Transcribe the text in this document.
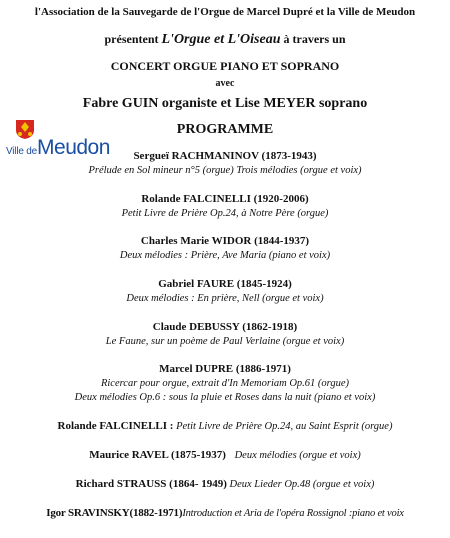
l'Association de la Sauvegarde de l'Orgue de Marcel Dupré et la Ville de Meudon
présentent L'Orgue et L'Oiseau à travers un
CONCERT ORGUE PIANO ET SOPRANO
avec
Fabre GUIN organiste et Lise MEYER soprano
PROGRAMME
Ville deMeudon	Sergueï RACHMANINOV (1873-1943)
Prélude en Sol mineur n°5 (orgue) Trois mélodies (orgue et voix)
Rolande FALCINELLI (1920-2006)
Petit Livre de Prière Op.24, à Notre Père (orgue)
Charles Marie WIDOR (1844-1937)
Deux mélodies : Prière, Ave Maria (piano et voix)
Gabriel FAURE (1845-1924)
Deux mélodies : En prière, Nell (orgue et voix)
Claude DEBUSSY (1862-1918)
Le Faune, sur un poème de Paul Verlaine (orgue et voix)
Marcel DUPRE (1886-1971)
Ricercar pour orgue, extrait d'In Memoriam Op.61 (orgue)
Deux mélodies Op.6 : sous la pluie et Roses dans la nuit (piano et voix)
Rolande FALCINELLI : Petit Livre de Prière Op.24, au Saint Esprit (orgue)
Maurice RAVEL (1875-1937) Deux mélodies (orgue et voix)
Richard STRAUSS (1864- 1949) Deux Lieder Op.48 (orgue et voix)
Igor SRAVINSKY(1882-1971)Introduction et Aria de l'opéra Rossignol :piano et voix
